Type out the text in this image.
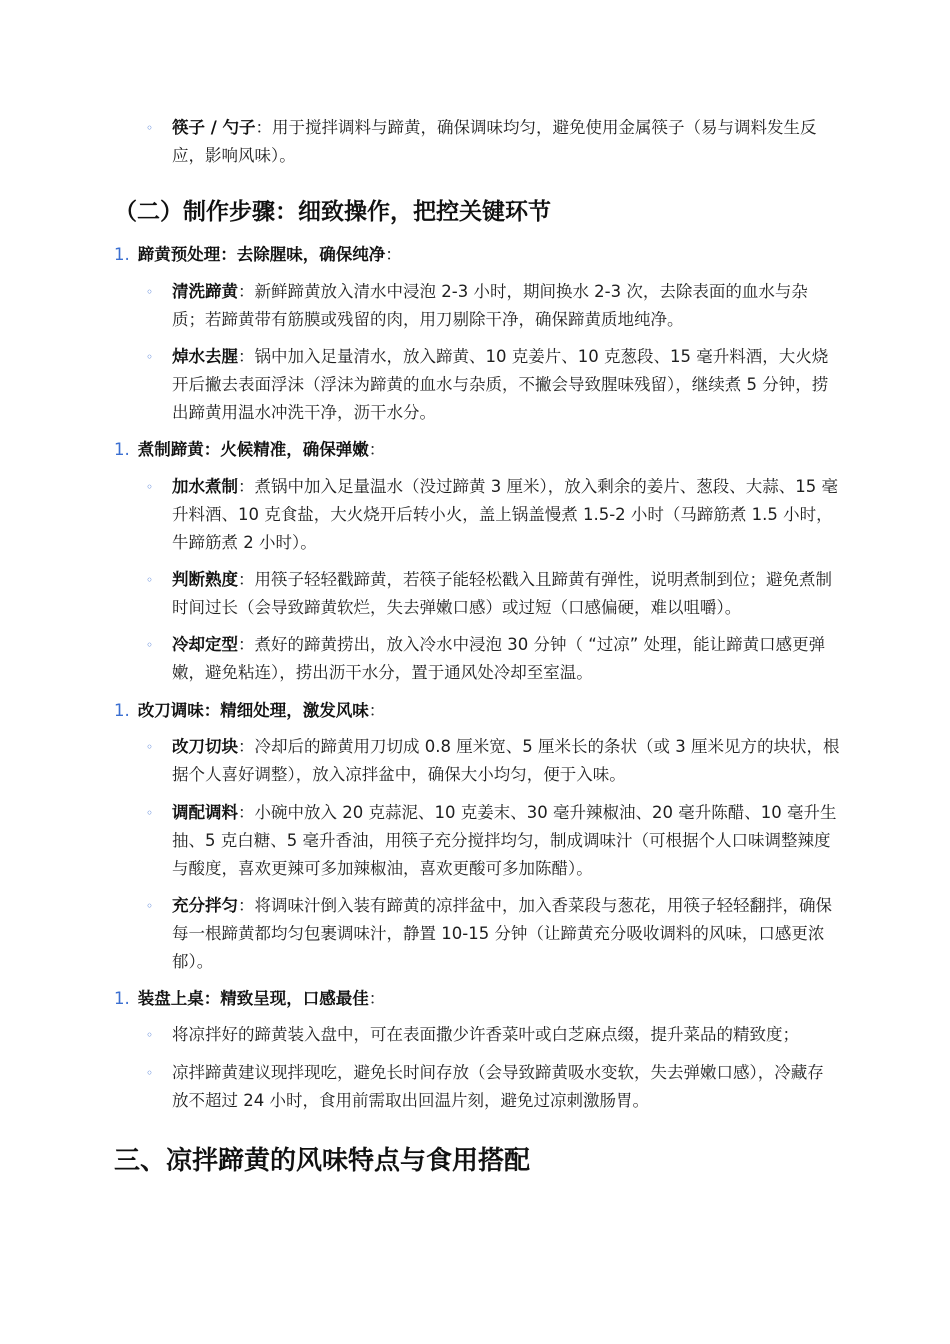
◦ 筷子 / 勺子：用于搅拌调料与蹄黄，确保调味均匀，避免使用金属筷子（易与调料发生反应，影响风味）。
（二）制作步骤：细致操作，把控关键环节
1. 蹄黄预处理：去除腥味，确保纯净：
◦ 清洗蹄黄：新鲜蹄黄放入清水中浸泡 2-3 小时，期间换水 2-3 次，去除表面的血水与杂质；若蹄黄带有筋膜或残留的肉，用刀剔除干净，确保蹄黄质地纯净。
◦ 焯水去腥：锅中加入足量清水，放入蹄黄、10 克姜片、10 克葱段、15 毫升料酒，大火烧开后撇去表面浮沫（浮沫为蹄黄的血水与杂质，不撇会导致腥味残留），继续煮 5 分钟，捞出蹄黄用温水冲洗干净，沥干水分。
1. 煮制蹄黄：火候精准，确保弹嫩：
◦ 加水煮制：煮锅中加入足量温水（没过蹄黄 3 厘米），放入剩余的姜片、葱段、大蒜、15 毫升料酒、10 克食盐，大火烧开后转小火，盖上锅盖慢煮 1.5-2 小时（马蹄筋煮 1.5 小时，牛蹄筋煮 2 小时）。
◦ 判断熟度：用筷子轻轻戳蹄黄，若筷子能轻松戳入且蹄黄有弹性，说明煮制到位；避免煮制时间过长（会导致蹄黄软烂，失去弹嫩口感）或过短（口感偏硬，难以咀嚼）。
◦ 冷却定型：煮好的蹄黄捞出，放入冷水中浸泡 30 分钟（ “过凉” 处理，能让蹄黄口感更弹嫩，避免粘连），捞出沥干水分，置于通风处冷却至室温。
1. 改刀调味：精细处理，激发风味：
◦ 改刀切块：冷却后的蹄黄用刀切成 0.8 厘米宽、5 厘米长的条状（或 3 厘米见方的块状，根据个人喜好调整），放入凉拌盆中，确保大小均匀，便于入味。
◦ 调配调料：小碗中放入 20 克蒜泥、10 克姜末、30 毫升辣椒油、20 毫升陈醋、10 毫升生抽、5 克白糖、5 毫升香油，用筷子充分搅拌均匀，制成调味汁（可根据个人口味调整辣度与酸度，喜欢更辣可多加辣椒油，喜欢更酸可多加陈醋）。
◦ 充分拌匀：将调味汁倒入装有蹄黄的凉拌盆中，加入香菜段与葱花，用筷子轻轻翻拌，确保每一根蹄黄都均匀包裹调味汁，静置 10-15 分钟（让蹄黄充分吸收调料的风味，口感更浓郁）。
1. 装盘上桌：精致呈现，口感最佳：
◦ 将凉拌好的蹄黄装入盘中，可在表面撒少许香菜叶或白芝麻点缀，提升菜品的精致度；
◦ 凉拌蹄黄建议现拌现吃，避免长时间存放（会导致蹄黄吸水变软，失去弹嫩口感），冷藏存放不超过 24 小时，食用前需取出回温片刻，避免过凉刺激肠胃。
三、凉拌蹄黄的风味特点与食用搭配
